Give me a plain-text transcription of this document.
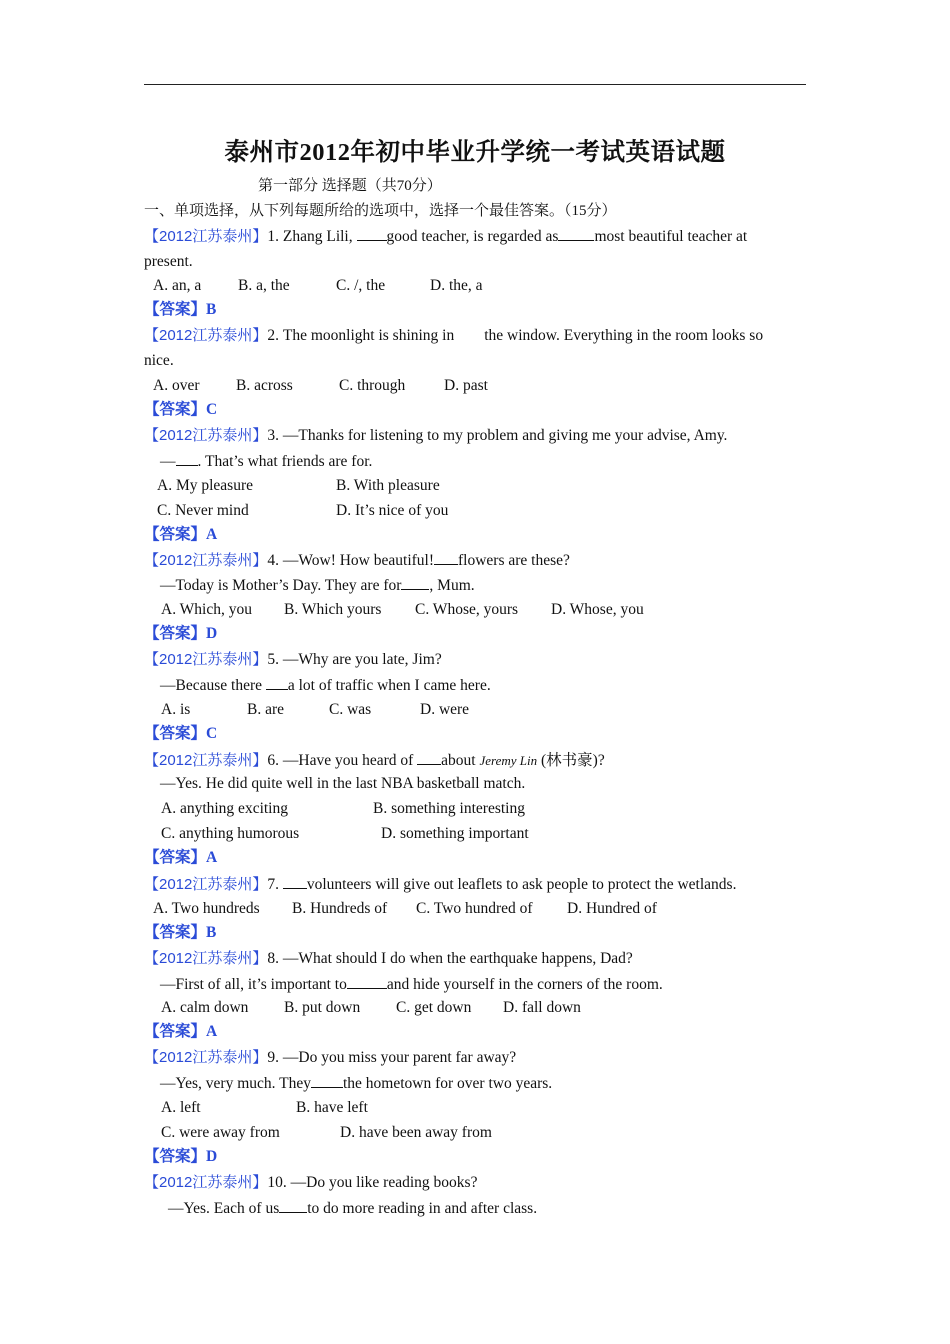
泰州市2012年初中毕业升学统一考试英语试题
第一部分 选择题（共70分）
一、单项选择，从下列每题所给的选项中，选择一个最佳答案。（15分）
【2012江苏泰州】1. Zhang Lili, good teacher, is regarded as most beautiful teacher at
present.
A. an, a B. a, the	C. /, the	D. the, a
【答案】B
【2012江苏泰州】2. The moonlight is shining in the window. Everything in the room looks so
nice.
A. over B. across	C. through D. past
【答案】C
【2012江苏泰州】3. —Thanks for listening to my problem and giving me your advise, Amy.
— . That’s what friends are for.
A. My pleasure	B. With pleasure
C. Never mind	D. It’s nice of you
【答案】A
【2012江苏泰州】4. —Wow! How beautiful! flowers are these?
—Today is Mother’s Day. They are for , Mum.
A. Which, you B. Which yours C. Whose, yours D. Whose, you
【答案】D
【2012江苏泰州】5. —Why are you late, Jim?
—Because there a lot of traffic when I came here.
A. is	B. are	C. was	D. were
【答案】C
【2012江苏泰州】6. —Have you heard of about Jeremy Lin (林书豪)?
—Yes. He did quite well in the last NBA basketball match.
A. anything exciting	B. something interesting
C. anything humorous	D. something important
【答案】A
【2012江苏泰州】7. volunteers will give out leaflets to ask people to protect the wetlands.
A. Two hundreds B. Hundreds of C. Two hundred of D. Hundred of
【答案】B
【2012江苏泰州】8. —What should I do when the earthquake happens, Dad?
—First of all, it’s important to	and hide yourself in the corners of the room.
A. calm down B. put down C. get down D. fall down
【答案】A
【2012江苏泰州】9. —Do you miss your parent far away?
—Yes, very much. They the hometown for over two years.
A. left	B. have left
C. were away from	D. have been away from
【答案】D
【2012江苏泰州】10. —Do you like reading books?
—Yes. Each of us to do more reading in and after class.
